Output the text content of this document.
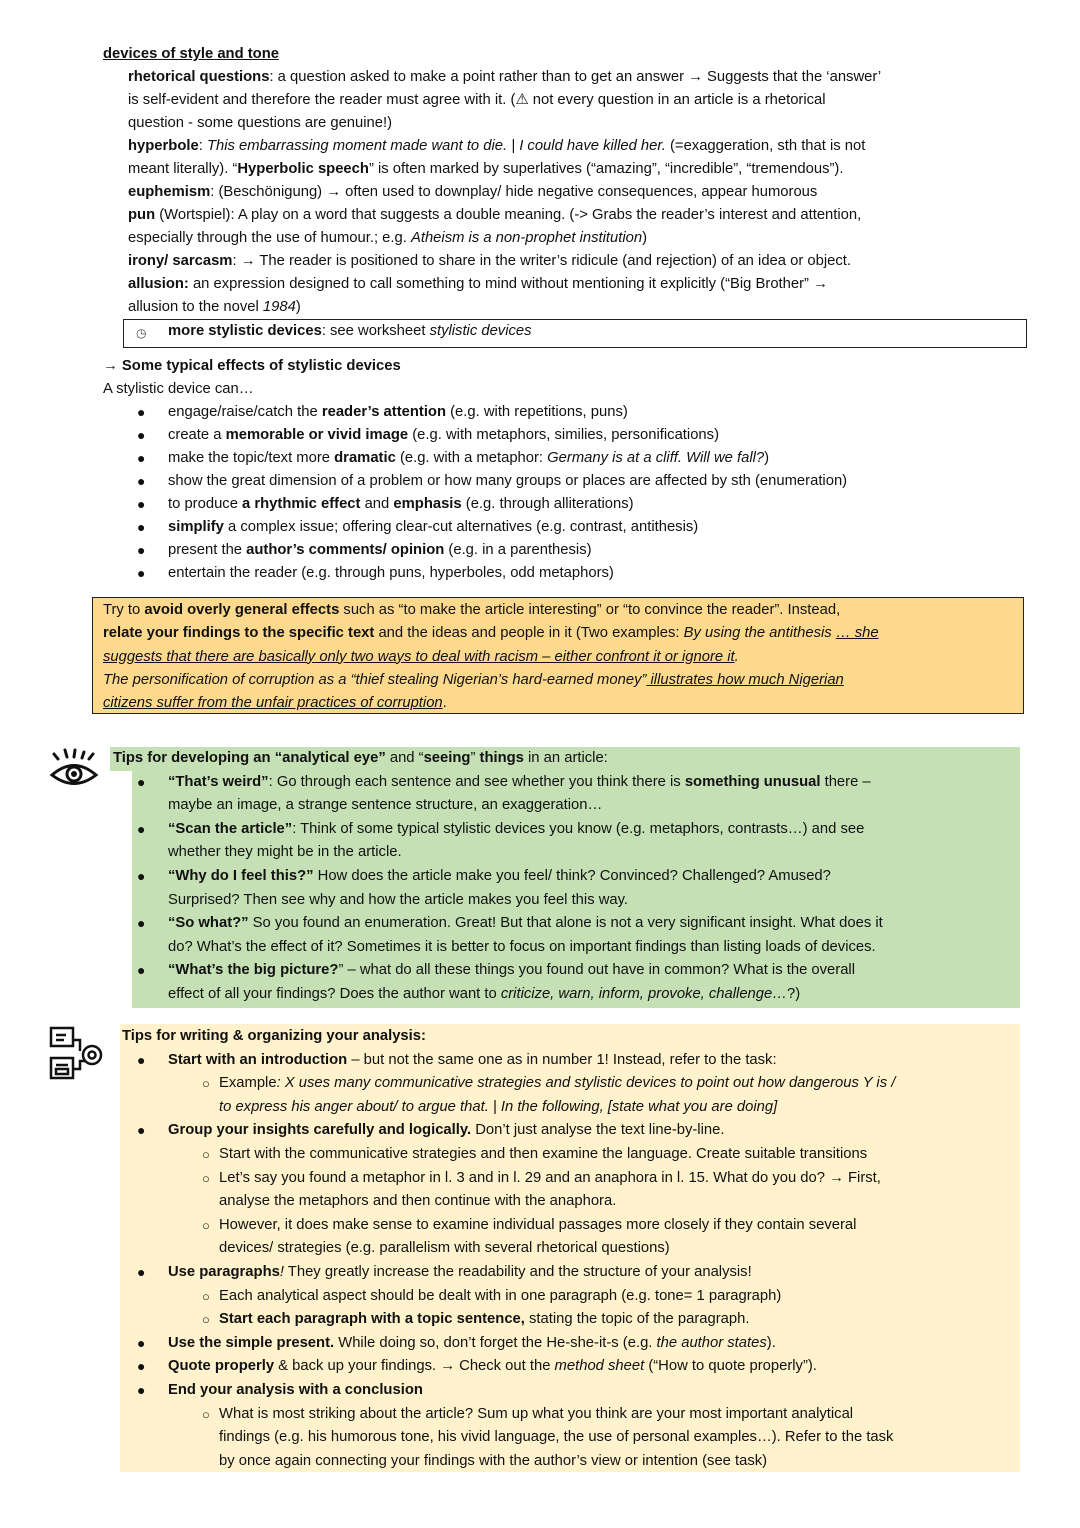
devices of style and tone
rhetorical questions: a question asked to make a point rather than to get an answer → Suggests that the ‘answer’
is self-evident and therefore the reader must agree with it. (⚠ not every question in an article is a rhetorical
question - some questions are genuine!)
hyperbole: This embarrassing moment made want to die. | I could have killed her. (=exaggeration, sth that is not
meant literally). “Hyperbolic speech” is often marked by superlatives (“amazing”, “incredible”, “tremendous”).
euphemism: (Beschönigung) → often used to downplay/ hide negative consequences, appear humorous
pun (Wortspiel): A play on a word that suggests a double meaning. (-> Grabs the reader’s interest and attention,
especially through the use of humour.; e.g. Atheism is a non-prophet institution)
irony/ sarcasm: → The reader is positioned to share in the writer’s ridicule (and rejection) of an idea or object.
allusion: an expression designed to call something to mind without mentioning it explicitly (“Big Brother” →
allusion to the novel 1984)
◷ more stylistic devices: see worksheet stylistic devices
→ Some typical effects of stylistic devices
A stylistic device can…
● engage/raise/catch the reader’s attention (e.g. with repetitions, puns)
● create a memorable or vivid image (e.g. with metaphors, similies, personifications)
● make the topic/text more dramatic (e.g. with a metaphor: Germany is at a cliff. Will we fall?)
● show the great dimension of a problem or how many groups or places are affected by sth (enumeration)
● to produce a rhythmic effect and emphasis (e.g. through alliterations)
● simplify a complex issue; offering clear-cut alternatives (e.g. contrast, antithesis)
● present the author’s comments/ opinion (e.g. in a parenthesis)
● entertain the reader (e.g. through puns, hyperboles, odd metaphors)
Try to avoid overly general effects such as “to make the article interesting” or “to convince the reader”. Instead,
relate your findings to the specific text and the ideas and people in it (Two examples: By using the antithesis … she
suggests that there are basically only two ways to deal with racism – either confront it or ignore it.
The personification of corruption as a “thief stealing Nigerian’s hard-earned money” illustrates how much Nigerian
citizens suffer from the unfair practices of corruption.
Tips for developing an “analytical eye” and “seeing” things in an article:
● “That’s weird”: Go through each sentence and see whether you think there is something unusual there –
maybe an image, a strange sentence structure, an exaggeration…
● “Scan the article”: Think of some typical stylistic devices you know (e.g. metaphors, contrasts…) and see
whether they might be in the article.
● “Why do I feel this?” How does the article make you feel/ think? Convinced? Challenged? Amused?
Surprised? Then see why and how the article makes you feel this way.
● “So what?” So you found an enumeration. Great! But that alone is not a very significant insight. What does it
do? What’s the effect of it? Sometimes it is better to focus on important findings than listing loads of devices.
● “What’s the big picture?” – what do all these things you found out have in common? What is the overall
effect of all your findings? Does the author want to criticize, warn, inform, provoke, challenge…?)
Tips for writing & organizing your analysis:
● Start with an introduction – but not the same one as in number 1! Instead, refer to the task:
○ Example: X uses many communicative strategies and stylistic devices to point out how dangerous Y is /
to express his anger about/ to argue that. | In the following, [state what you are doing]
● Group your insights carefully and logically. Don’t just analyse the text line-by-line.
○ Start with the communicative strategies and then examine the language. Create suitable transitions
○ Let’s say you found a metaphor in l. 3 and in l. 29 and an anaphora in l. 15. What do you do? → First,
analyse the metaphors and then continue with the anaphora.
○ However, it does make sense to examine individual passages more closely if they contain several
devices/ strategies (e.g. parallelism with several rhetorical questions)
● Use paragraphs! They greatly increase the readability and the structure of your analysis!
○ Each analytical aspect should be dealt with in one paragraph (e.g. tone= 1 paragraph)
○ Start each paragraph with a topic sentence, stating the topic of the paragraph.
● Use the simple present. While doing so, don’t forget the He-she-it-s (e.g. the author states).
● Quote properly & back up your findings. → Check out the method sheet (“How to quote properly”).
● End your analysis with a conclusion
○ What is most striking about the article? Sum up what you think are your most important analytical
findings (e.g. his humorous tone, his vivid language, the use of personal examples…). Refer to the task
by once again connecting your findings with the author’s view or intention (see task)
